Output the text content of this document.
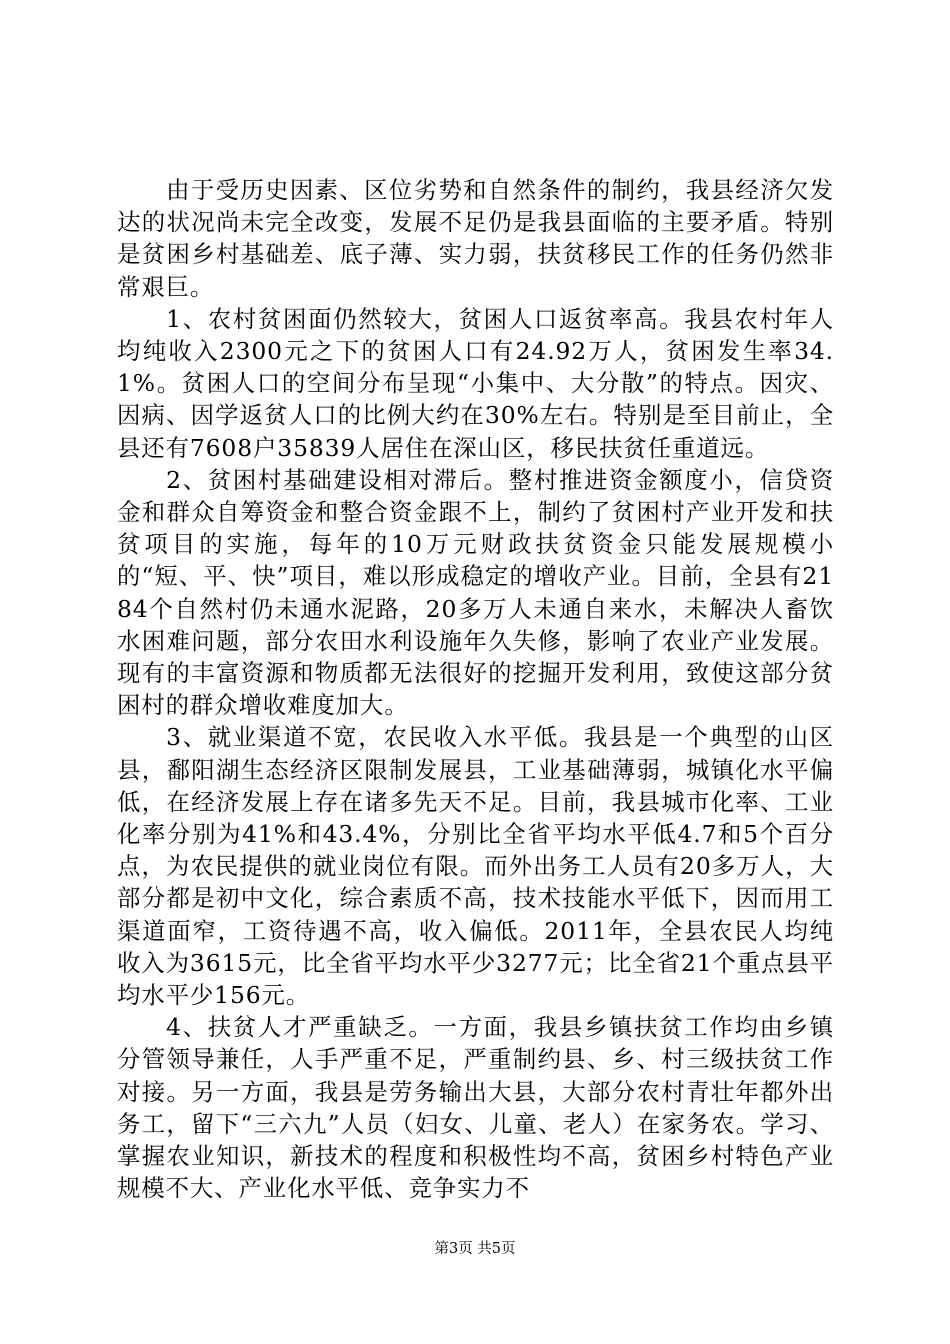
由于受历史因素、区位劣势和自然条件的制约，我县经济欠发达的状况尚未完全改变，发展不足仍是我县面临的主要矛盾。特别是贫困乡村基础差、底子薄、实力弱，扶贫移民工作的任务仍然非常艰巨。

1、农村贫困面仍然较大，贫困人口返贫率高。我县农村年人均纯收入2300元之下的贫困人口有24.92万人，贫困发生率34.1%。贫困人口的空间分布呈现“小集中、大分散”的特点。因灾、因病、因学返贫人口的比例大约在30%左右。特别是至目前止，全县还有7608户35839人居住在深山区，移民扶贫任重道远。

2、贫困村基础建设相对滞后。整村推进资金额度小，信贷资金和群众自筹资金和整合资金跟不上，制约了贫困村产业开发和扶贫项目的实施，每年的10万元财政扶贫资金只能发展规模小的“短、平、快”项目，难以形成稳定的增收产业。目前，全县有2184个自然村仍未通水泥路，20多万人未通自来水，未解决人畜饮水困难问题，部分农田水利设施年久失修，影响了农业产业发展。现有的丰富资源和物质都无法很好的挖掘开发利用，致使这部分贫困村的群众增收难度加大。

3、就业渠道不宽，农民收入水平低。我县是一个典型的山区县，鄱阳湖生态经济区限制发展县，工业基础薄弱，城镇化水平偏低，在经济发展上存在诸多先天不足。目前，我县城市化率、工业化率分别为41%和43.4%，分别比全省平均水平低4.7和5个百分点，为农民提供的就业岗位有限。而外出务工人员有20多万人，大部分都是初中文化，综合素质不高，技术技能水平低下，因而用工渠道面窄，工资待遇不高，收入偏低。2011年，全县农民人均纯收入为3615元，比全省平均水平少3277元；比全省21个重点县平均水平少156元。

4、扶贫人才严重缺乏。一方面，我县乡镇扶贫工作均由乡镇分管领导兼任，人手严重不足，严重制约县、乡、村三级扶贫工作对接。另一方面，我县是劳务输出大县，大部分农村青壮年都外出务工，留下“三六九”人员（妇女、儿童、老人）在家务农。学习、掌握农业知识，新技术的程度和积极性均不高，贫困乡村特色产业规模不大、产业化水平低、竞争实力不

第3页 共5页
